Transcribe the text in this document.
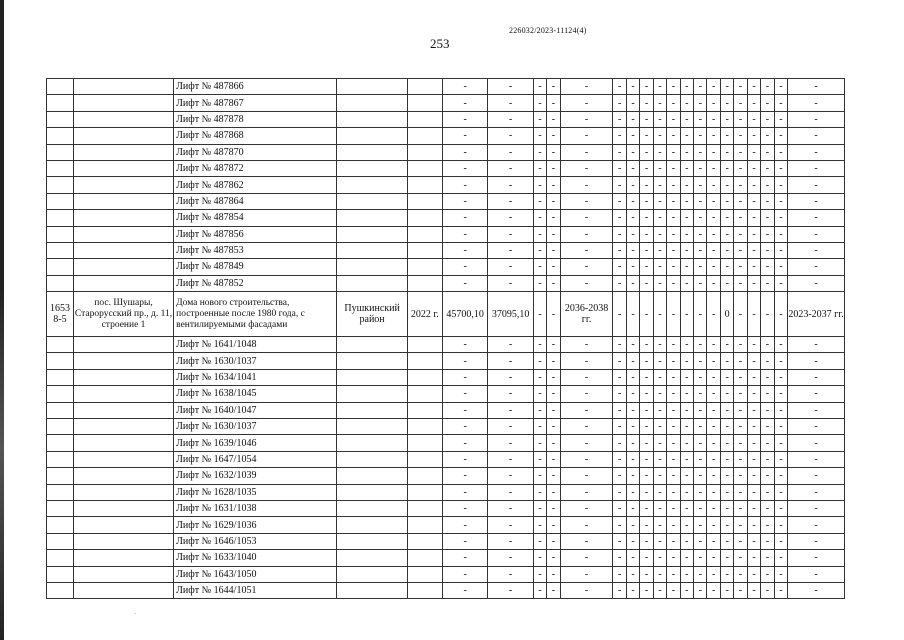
226032/2023-11124(4)
253
		Лифт № 487866			-	-	-	-	-	-	-	-	-	-	-	-	-	-	-	-	-	-	-
		Лифт № 487867			-	-	-	-	-	-	-	-	-	-	-	-	-	-	-	-	-	-	-
		Лифт № 487878			-	-	-	-	-	-	-	-	-	-	-	-	-	-	-	-	-	-	-
		Лифт № 487868			-	-	-	-	-	-	-	-	-	-	-	-	-	-	-	-	-	-	-
		Лифт № 487870			-	-	-	-	-	-	-	-	-	-	-	-	-	-	-	-	-	-	-
		Лифт № 487872			-	-	-	-	-	-	-	-	-	-	-	-	-	-	-	-	-	-	-
		Лифт № 487862			-	-	-	-	-	-	-	-	-	-	-	-	-	-	-	-	-	-	-
		Лифт № 487864			-	-	-	-	-	-	-	-	-	-	-	-	-	-	-	-	-	-	-
		Лифт № 487854			-	-	-	-	-	-	-	-	-	-	-	-	-	-	-	-	-	-	-
		Лифт № 487856			-	-	-	-	-	-	-	-	-	-	-	-	-	-	-	-	-	-	-
		Лифт № 487853			-	-	-	-	-	-	-	-	-	-	-	-	-	-	-	-	-	-	-
		Лифт № 487849			-	-	-	-	-	-	-	-	-	-	-	-	-	-	-	-	-	-	-
		Лифт № 487852			-	-	-	-	-	-	-	-	-	-	-	-	-	-	-	-	-	-	-
1653 8-5	пос. Шушары, Старорусский пр., д. 11, строение 1	Дома нового строительства, построенные после 1980 года, с вентилируемыми фасадами	Пушкинский район	2022 г.	45700,10	37095,10	-	-	2036-2038 гг.	-	-	-	-	-	-	-	-	0	-	-	-	-	2023-2037 гг.
		Лифт № 1641/1048			-	-	-	-	-	-	-	-	-	-	-	-	-	-	-	-	-	-	-
		Лифт № 1630/1037			-	-	-	-	-	-	-	-	-	-	-	-	-	-	-	-	-	-	-
		Лифт № 1634/1041			-	-	-	-	-	-	-	-	-	-	-	-	-	-	-	-	-	-	-
		Лифт № 1638/1045			-	-	-	-	-	-	-	-	-	-	-	-	-	-	-	-	-	-	-
		Лифт № 1640/1047			-	-	-	-	-	-	-	-	-	-	-	-	-	-	-	-	-	-	-
		Лифт № 1630/1037			-	-	-	-	-	-	-	-	-	-	-	-	-	-	-	-	-	-	-
		Лифт № 1639/1046			-	-	-	-	-	-	-	-	-	-	-	-	-	-	-	-	-	-	-
		Лифт № 1647/1054			-	-	-	-	-	-	-	-	-	-	-	-	-	-	-	-	-	-	-
		Лифт № 1632/1039			-	-	-	-	-	-	-	-	-	-	-	-	-	-	-	-	-	-	-
		Лифт № 1628/1035			-	-	-	-	-	-	-	-	-	-	-	-	-	-	-	-	-	-	-
		Лифт № 1631/1038			-	-	-	-	-	-	-	-	-	-	-	-	-	-	-	-	-	-	-
		Лифт № 1629/1036			-	-	-	-	-	-	-	-	-	-	-	-	-	-	-	-	-	-	-
		Лифт № 1646/1053			-	-	-	-	-	-	-	-	-	-	-	-	-	-	-	-	-	-	-
		Лифт № 1633/1040			-	-	-	-	-	-	-	-	-	-	-	-	-	-	-	-	-	-	-
		Лифт № 1643/1050			-	-	-	-	-	-	-	-	-	-	-	-	-	-	-	-	-	-	-
		Лифт № 1644/1051			-	-	-	-	-	-	-	-	-	-	-	-	-	-	-	-	-	-	-
-
